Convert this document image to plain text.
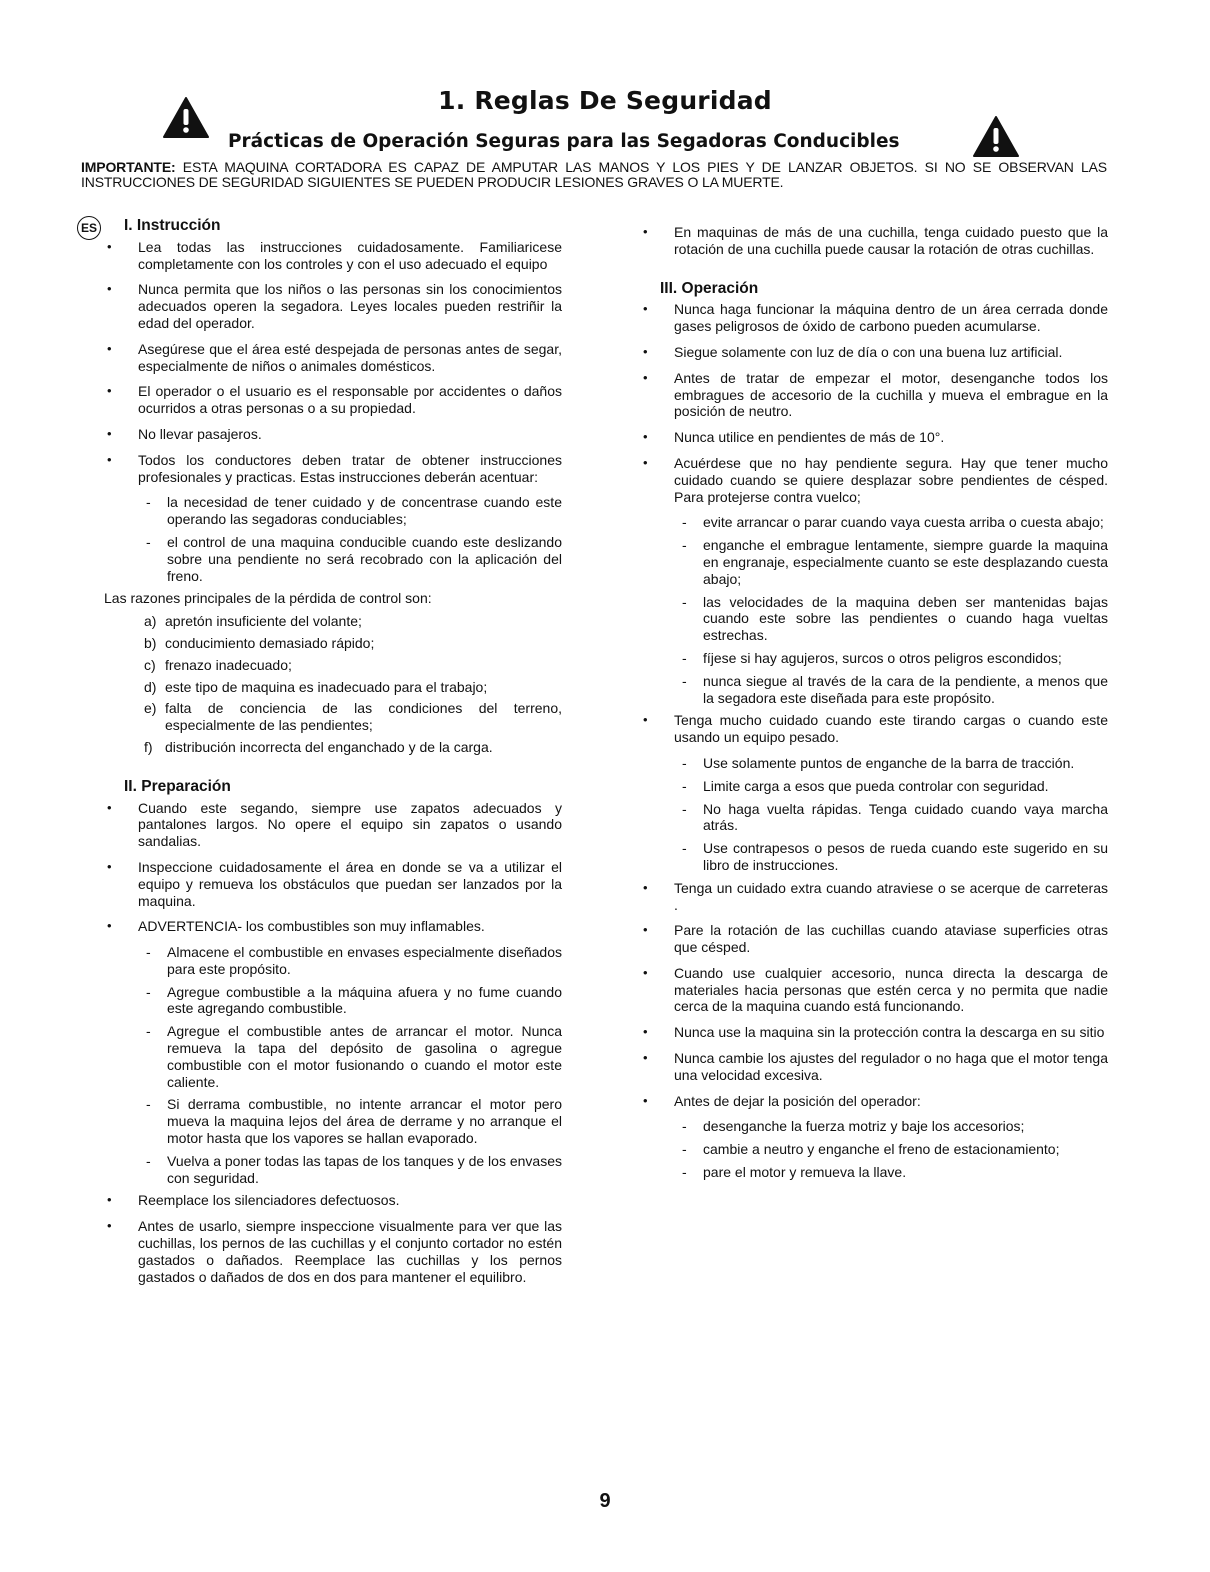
1. Reglas De Seguridad
Prácticas de Operación Seguras para las Segadoras Conducibles
IMPORTANTE: ESTA MAQUINA CORTADORA ES CAPAZ DE AMPUTAR LAS MANOS Y LOS PIES Y DE LANZAR OBJETOS. SI NO SE OBSERVAN LAS INSTRUCCIONES DE SEGURIDAD SIGUIENTES SE PUEDEN PRODUCIR LESIONES GRAVES O LA MUERTE.
ES I. Instrucción
• Lea todas las instrucciones cuidadosamente. Familiaricese completamente con los controles y con el uso adecuado el equipo
• Nunca permita que los niños o las personas sin los conocimientos adecuados operen la segadora. Leyes locales pueden restriñir la edad del operador.
• Asegúrese que el área esté despejada de personas antes de segar, especialmente de niños o animales domésticos.
• El operador o el usuario es el responsable por accidentes o daños ocurridos a otras personas o a su propiedad.
• No llevar pasajeros.
• Todos los conductores deben tratar de obtener instrucciones profesionales y practicas. Estas instrucciones deberán acentuar:
- la necesidad de tener cuidado y de concentrase cuando este operando las segadoras conduciables;
- el control de una maquina conducible cuando este deslizando sobre una pendiente no será recobrado con la aplicación del freno.
Las razones principales de la pérdida de control son:
a) apretón insuficiente del volante;
b) conducimiento demasiado rápido;
c) frenazo inadecuado;
d) este tipo de maquina es inadecuado para el trabajo;
e) falta de conciencia de las condiciones del terreno, especialmente de las pendientes;
f) distribución incorrecta del enganchado y de la carga.
II. Preparación
• Cuando este segando, siempre use zapatos adecuados y pantalones largos. No opere el equipo sin zapatos o usando sandalias.
• Inspeccione cuidadosamente el área en donde se va a utilizar el equipo y remueva los obstáculos que puedan ser lanzados por la maquina.
• ADVERTENCIA- los combustibles son muy inflamables.
- Almacene el combustible en envases especialmente diseñados para este propósito.
- Agregue combustible a la máquina afuera y no fume cuando este agregando combustible.
- Agregue el combustible antes de arrancar el motor. Nunca remueva la tapa del depósito de gasolina o agregue combustible con el motor fusionando o cuando el motor este caliente.
- Si derrama combustible, no intente arrancar el motor pero mueva la maquina lejos del área de derrame y no arranque el motor hasta que los vapores se hallan evaporado.
- Vuelva a poner todas las tapas de los tanques y de los envases con seguridad.
• Reemplace los silenciadores defectuosos.
• Antes de usarlo, siempre inspeccione visualmente para ver que las cuchillas, los pernos de las cuchillas y el conjunto cortador no estén gastados o dañados. Reemplace las cuchillas y los pernos gastados o dañados de dos en dos para mantener el equilibro.
• En maquinas de más de una cuchilla, tenga cuidado puesto que la rotación de una cuchilla puede causar la rotación de otras cuchillas.
III. Operación
• Nunca haga funcionar la máquina dentro de un área cerrada donde gases peligrosos de óxido de carbono pueden acumularse.
• Siegue solamente con luz de día o con una buena luz artificial.
• Antes de tratar de empezar el motor, desenganche todos los embragues de accesorio de la cuchilla y mueva el embrague en la posición de neutro.
• Nunca utilice en pendientes de más de 10°.
• Acuérdese que no hay pendiente segura. Hay que tener mucho cuidado cuando se quiere desplazar sobre pendientes de césped. Para protejerse contra vuelco;
- evite arrancar o parar cuando vaya cuesta arriba o cuesta abajo;
- enganche el embrague lentamente, siempre guarde la maquina en engranaje, especialmente cuanto se este desplazando cuesta abajo;
- las velocidades de la maquina deben ser mantenidas bajas cuando este sobre las pendientes o cuando haga vueltas estrechas.
- fíjese si hay agujeros, surcos o otros peligros escondidos;
- nunca siegue al través de la cara de la pendiente, a menos que la segadora este diseñada para este propósito.
• Tenga mucho cuidado cuando este tirando cargas o cuando este usando un equipo pesado.
- Use solamente puntos de enganche de la barra de tracción.
- Limite carga a esos que pueda controlar con seguridad.
- No haga vuelta rápidas. Tenga cuidado cuando vaya marcha atrás.
- Use contrapesos o pesos de rueda cuando este sugerido en su libro de instrucciones.
• Tenga un cuidado extra cuando atraviese o se acerque de carreteras .
• Pare la rotación de las cuchillas cuando ataviase superficies otras que césped.
• Cuando use cualquier accesorio, nunca directa la descarga de materiales hacia personas que estén cerca y no permita que nadie cerca de la maquina cuando está funcionando.
• Nunca use la maquina sin la protección contra la descarga en su sitio
• Nunca cambie los ajustes del regulador o no haga que el motor tenga una velocidad excesiva.
• Antes de dejar la posición del operador:
- desenganche la fuerza motriz y baje los accesorios;
- cambie a neutro y enganche el freno de estacionamiento;
- pare el motor y remueva la llave.
9
